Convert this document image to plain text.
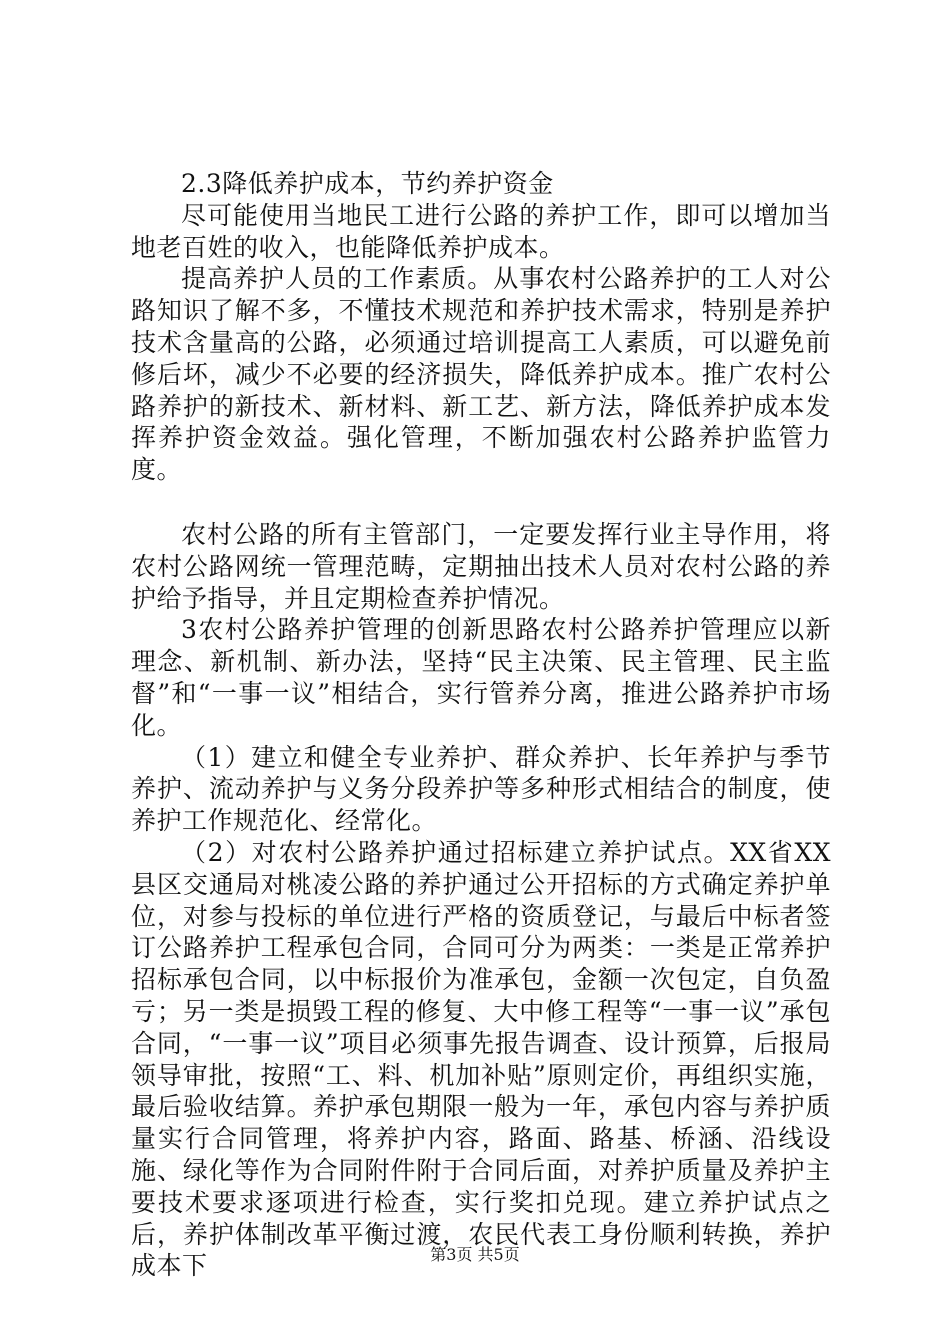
2.3降低养护成本，节约养护资金

尽可能使用当地民工进行公路的养护工作，即可以增加当地老百姓的收入，也能降低养护成本。

提高养护人员的工作素质。从事农村公路养护的工人对公路知识了解不多，不懂技术规范和养护技术需求，特别是养护技术含量高的公路，必须通过培训提高工人素质，可以避免前修后坏，减少不必要的经济损失，降低养护成本。推广农村公路养护的新技术、新材料、新工艺、新方法，降低养护成本发挥养护资金效益。强化管理，不断加强农村公路养护监管力度。

农村公路的所有主管部门，一定要发挥行业主导作用，将农村公路网统一管理范畴，定期抽出技术人员对农村公路的养护给予指导，并且定期检查养护情况。

3农村公路养护管理的创新思路农村公路养护管理应以新理念、新机制、新办法，坚持“民主决策、民主管理、民主监督”和“一事一议”相结合，实行管养分离，推进公路养护市场化。

（1）建立和健全专业养护、群众养护、长年养护与季节养护、流动养护与义务分段养护等多种形式相结合的制度，使养护工作规范化、经常化。

（2）对农村公路养护通过招标建立养护试点。XX省XX县区交通局对桃凌公路的养护通过公开招标的方式确定养护单位，对参与投标的单位进行严格的资质登记，与最后中标者签订公路养护工程承包合同，合同可分为两类：一类是正常养护招标承包合同，以中标报价为准承包，金额一次包定，自负盈亏；另一类是损毁工程的修复、大中修工程等“一事一议”承包合同，“一事一议”项目必须事先报告调查、设计预算，后报局领导审批，按照“工、料、机加补贴”原则定价，再组织实施，最后验收结算。养护承包期限一般为一年，承包内容与养护质量实行合同管理，将养护内容，路面、路基、桥涵、沿线设施、绿化等作为合同附件附于合同后面，对养护质量及养护主要技术要求逐项进行检查，实行奖扣兑现。建立养护试点之后，养护体制改革平衡过渡，农民代表工身份顺利转换，养护成本下	第3页 共5页
